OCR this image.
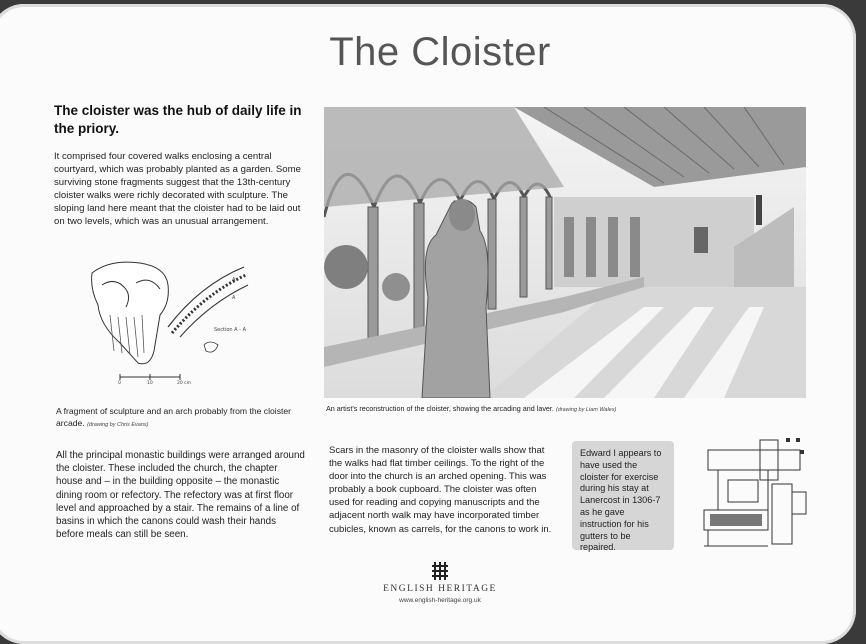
The Cloister
The cloister was the hub of daily life in the priory.
It comprised four covered walks enclosing a central courtyard, which was probably planted as a garden. Some surviving stone fragments suggest that the 13th-century cloister walks were richly decorated with sculpture. The sloping land here meant that the cloister had to be laid out on two levels, which was an unusual arrangement.
A
A
Section A - A
0	10	20 cm
A fragment of sculpture and an arch probably from the cloister arcade. (drawing by Chris Evans)
All the principal monastic buildings were arranged around the cloister. These included the church, the chapter house and – in the building opposite – the monastic dining room or refectory. The refectory was at first floor level and approached by a stair. The remains of a line of basins in which the canons could wash their hands before meals can still be seen.
An artist's reconstruction of the cloister, showing the arcading and laver. (drawing by Liam Wales)
Scars in the masonry of the cloister walls show that the walks had flat timber ceilings. To the right of the door into the church is an arched opening. This was probably a book cupboard. The cloister was often used for reading and copying manuscripts and the adjacent north walk may have incorporated timber cubicles, known as carrels, for the canons to work in.

Edward I appears to have used the cloister for exercise during his stay at Lanercost in 1306-7 as he gave instruction for his gutters to be repaired.

ENGLISH HERITAGE
www.english-heritage.org.uk
